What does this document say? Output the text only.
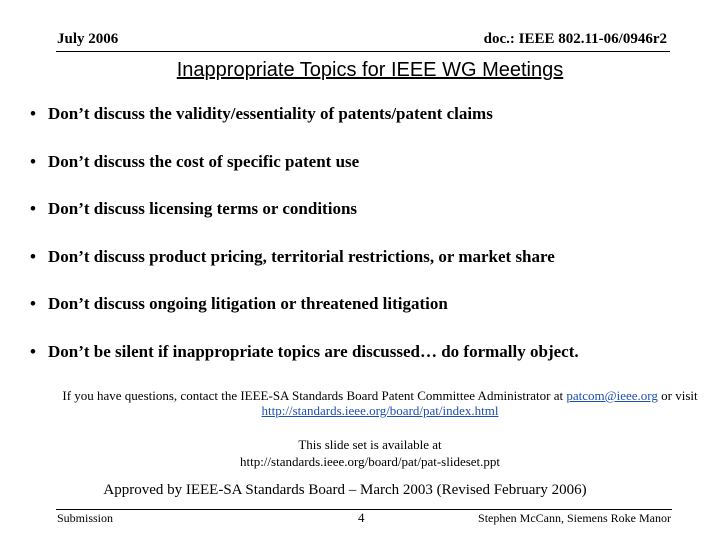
July 2006	doc.: IEEE 802.11-06/0946r2
Inappropriate Topics for IEEE WG Meetings
• Don’t discuss the validity/essentiality of patents/patent claims
• Don’t discuss the cost of specific patent use
• Don’t discuss licensing terms or conditions
• Don’t discuss product pricing, territorial restrictions, or market share
• Don’t discuss ongoing litigation or threatened litigation
• Don’t be silent if inappropriate topics are discussed… do formally object.
If you have questions, contact the IEEE-SA Standards Board Patent Committee Administrator at patcom@ieee.org or visit http://standards.ieee.org/board/pat/index.html
This slide set is available at
http://standards.ieee.org/board/pat/pat-slideset.ppt
Approved by IEEE-SA Standards Board – March 2003 (Revised February 2006)
Submission	4	Stephen McCann, Siemens Roke Manor
